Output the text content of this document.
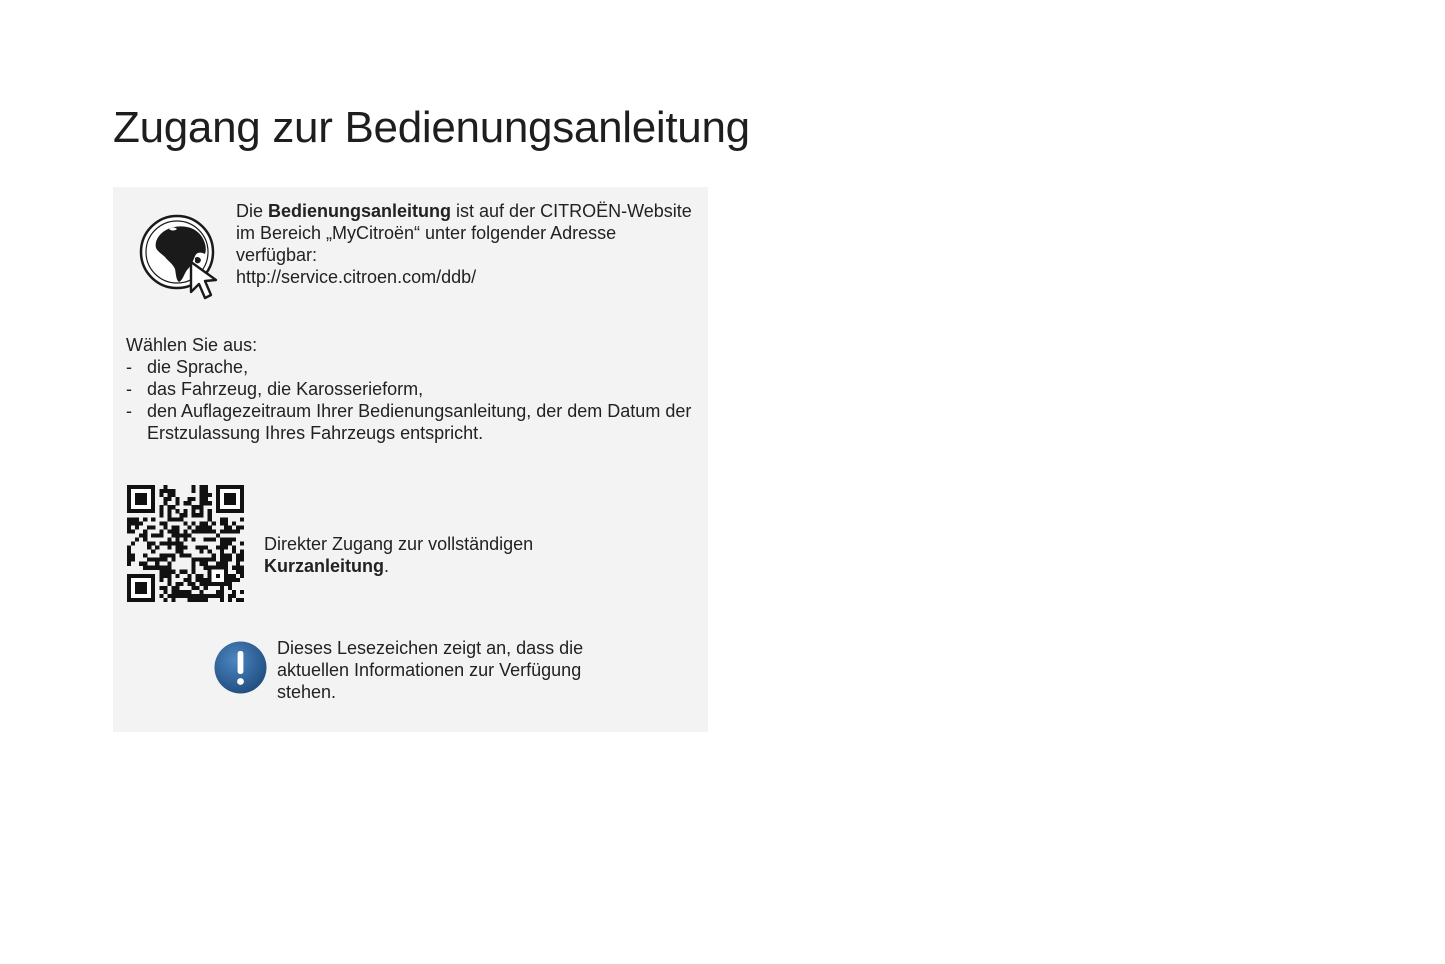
Zugang zur Bedienungsanleitung
Die Bedienungsanleitung ist auf der CITROËN-Website im Bereich „MyCitroën“ unter folgender Adresse verfügbar:
http://service.citroen.com/ddb/
Wählen Sie aus:
- die Sprache,
- das Fahrzeug, die Karosserieform,
- den Auflagezeitraum Ihrer Bedienungsanleitung, der dem Datum der Erstzulassung Ihres Fahrzeugs entspricht.
Direkter Zugang zur vollständigen Kurzanleitung.
Dieses Lesezeichen zeigt an, dass die aktuellen Informationen zur Verfügung stehen.
